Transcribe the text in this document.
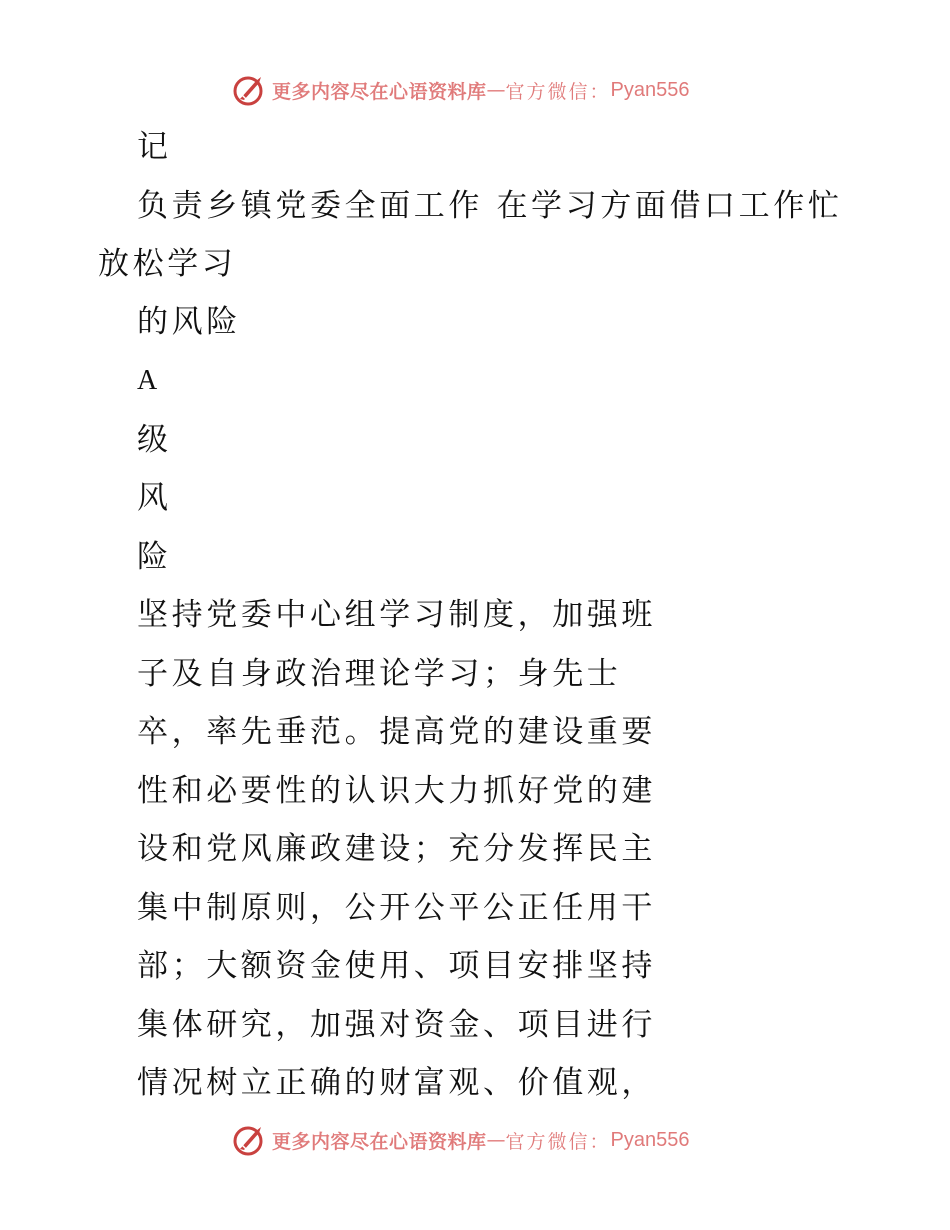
更多内容尽在心语资料库 — 官方微信： Pyan556
记
负责乡镇党委全面工作 在学习方面借口工作忙
放松学习
的风险
A
级
风
险
坚持党委中心组学习制度，加强班
子及自身政治理论学习；身先士
卒，率先垂范。提高党的建设重要
性和必要性的认识大力抓好党的建
设和党风廉政建设；充分发挥民主
集中制原则，公开公平公正任用干
部；大额资金使用、项目安排坚持
集体研究，加强对资金、项目进行
情况树立正确的财富观、价值观，
更多内容尽在心语资料库 — 官方微信： Pyan556
